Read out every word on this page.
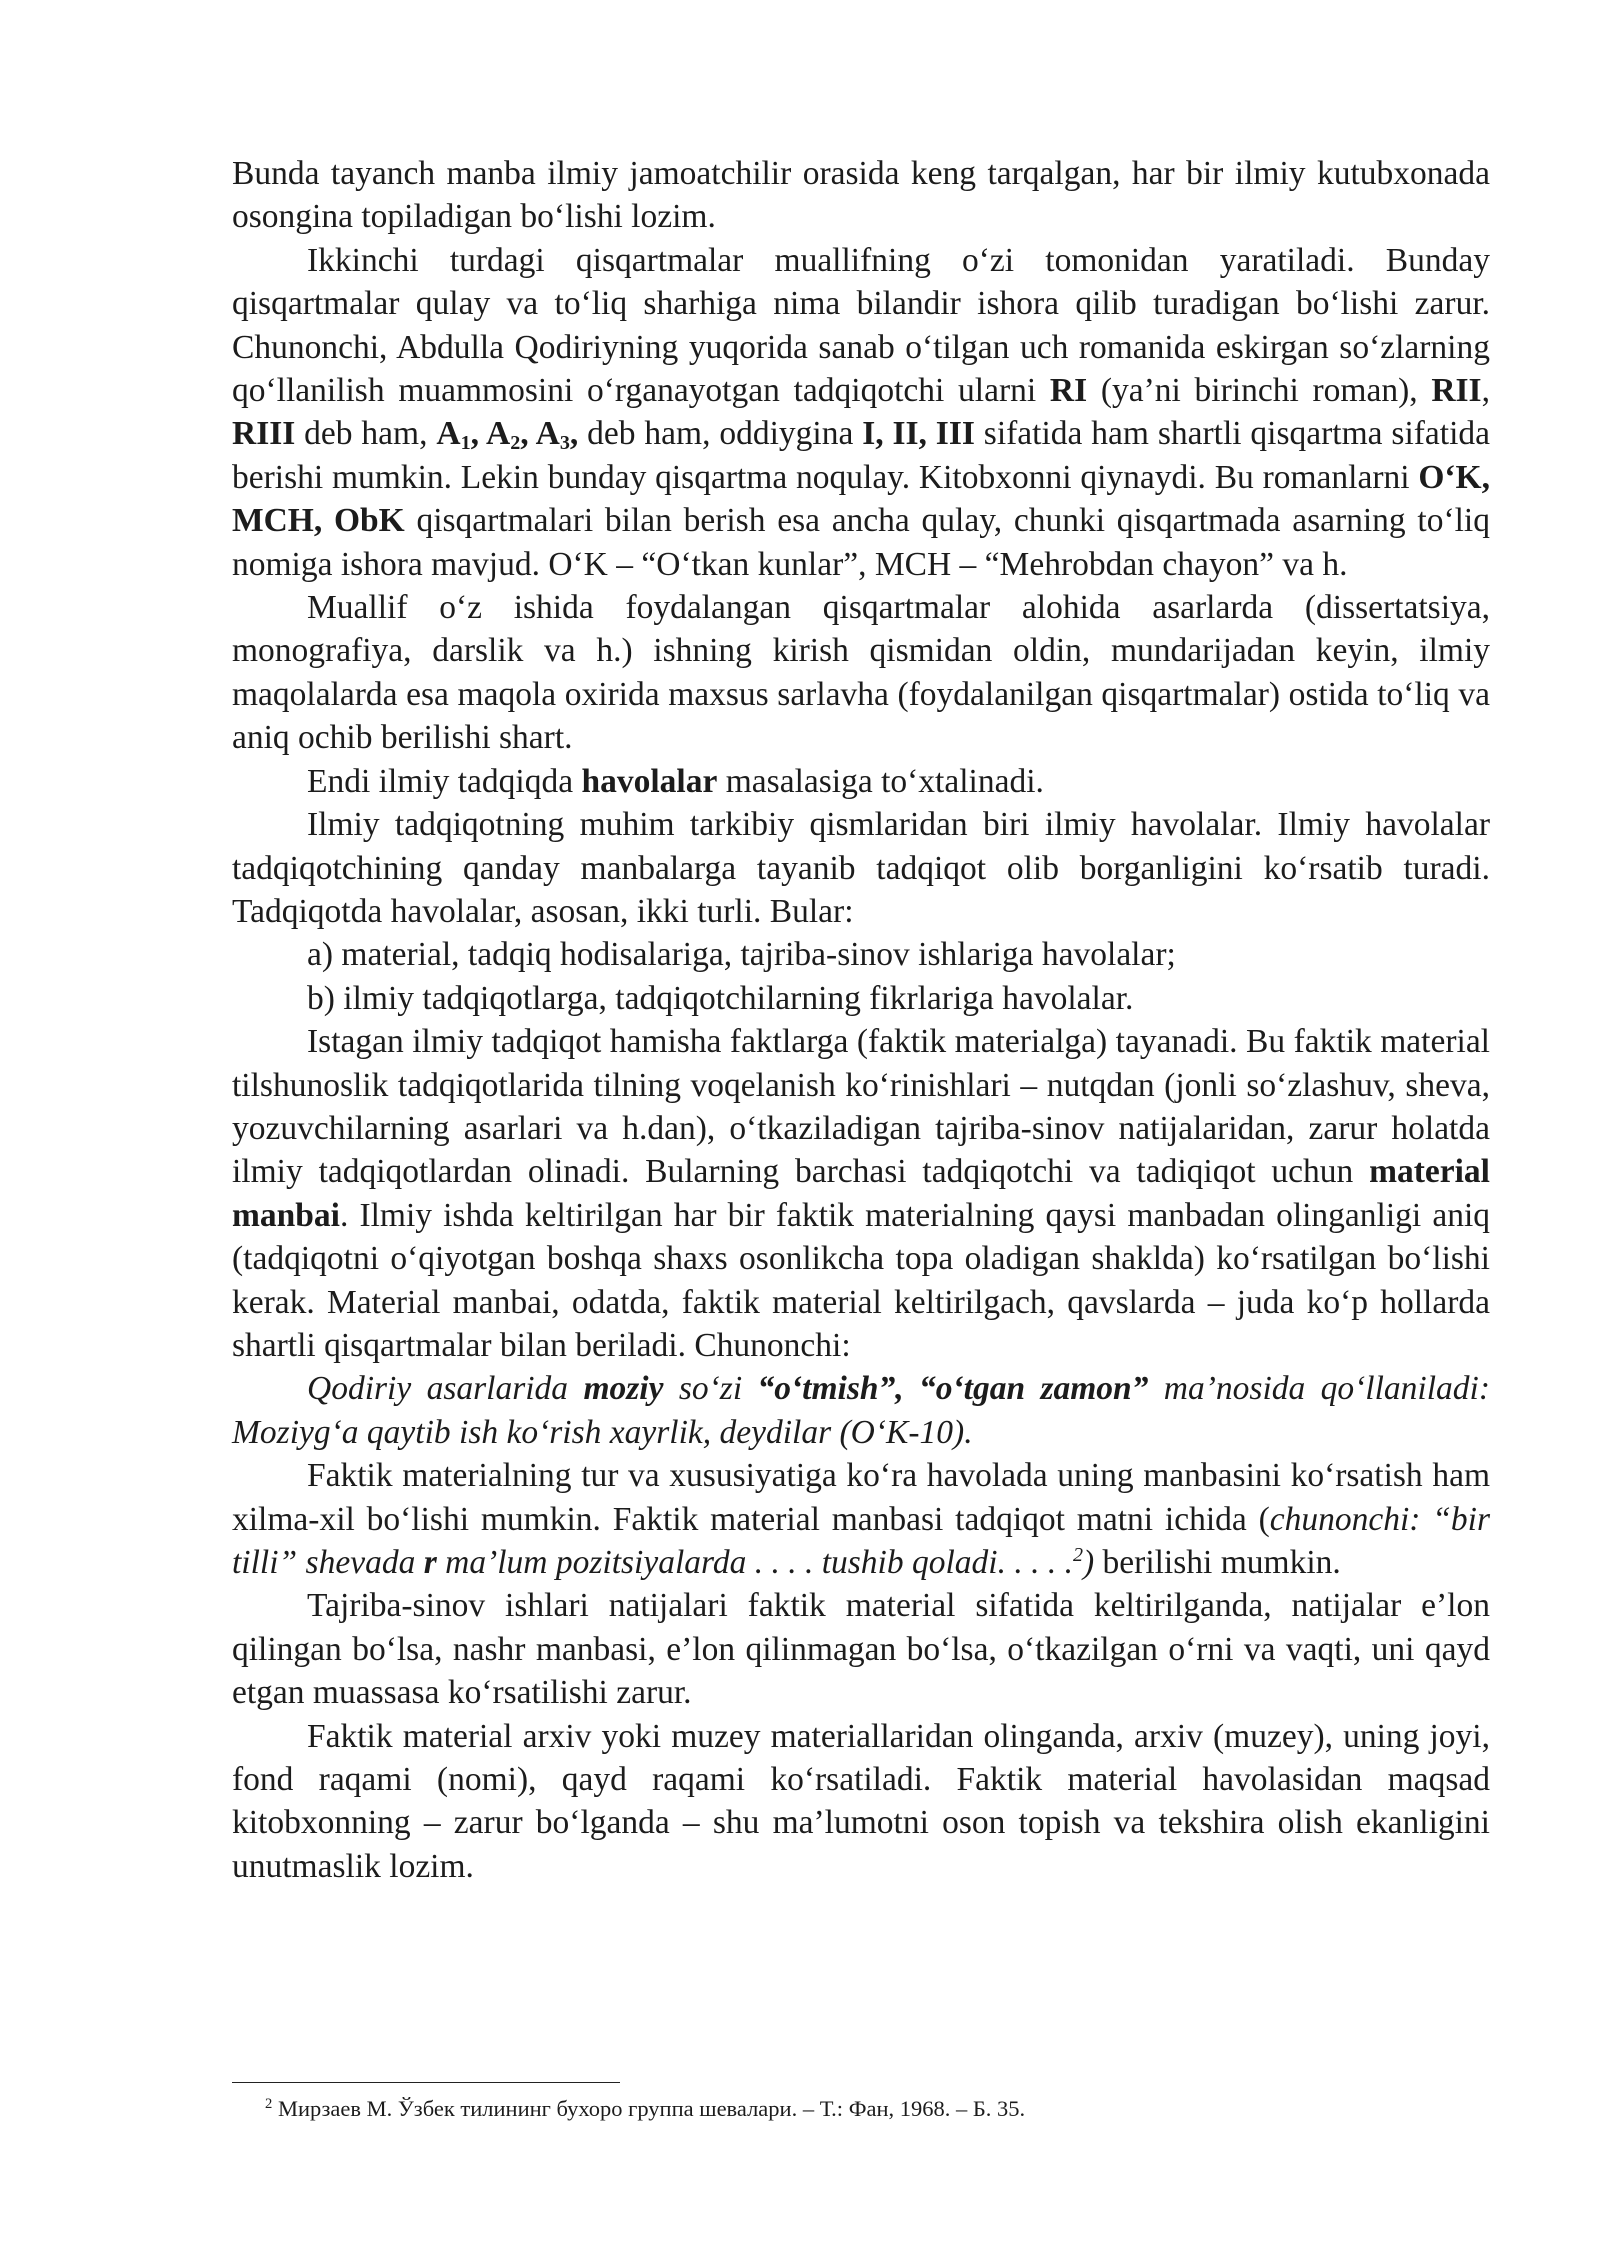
Bunda tayanch manba ilmiy jamoatchilir orasida keng tarqalgan, har bir ilmiy kutubxonada osongina topiladigan bo‘lishi lozim.

Ikkinchi turdagi qisqartmalar muallifning o‘zi tomonidan yaratiladi. Bunday qisqartmalar qulay va to‘liq sharhiga nima bilandir ishora qilib turadigan bo‘lishi zarur. Chunonchi, Abdulla Qodiriyning yuqorida sanab o‘tilgan uch romanida eskirgan so‘zlarning qo‘llanilish muammosini o‘rganayotgan tadqiqotchi ularni RI (ya’ni birinchi roman), RII, RIII deb ham, $A_1$, $A_2$, $A_3$, deb ham, oddiygina I, II, III sifatida ham shartli qisqartma sifatida berishi mumkin. Lekin bunday qisqartma noqulay. Kitobxonni qiynaydi. Bu romanlarni O‘K, MCH, ObK qisqartmalari bilan berish esa ancha qulay, chunki qisqartmada asarning to‘liq nomiga ishora mavjud. O‘K – “O‘tkan kunlar”, MCH – “Mehrobdan chayon” va h.

Muallif o‘z ishida foydalangan qisqartmalar alohida asarlarda (dissertatsiya, monografiya, darslik va h.) ishning kirish qismidan oldin, mundarijadan keyin, ilmiy maqolalarda esa maqola oxirida maxsus sarlavha (foydalanilgan qisqartmalar) ostida to‘liq va aniq ochib berilishi shart.

Endi ilmiy tadqiqda havolalar masalasiga to‘xtalinadi.

Ilmiy tadqiqotning muhim tarkibiy qismlaridan biri ilmiy havolalar. Ilmiy havolalar tadqiqotchining qanday manbalarga tayanib tadqiqot olib borganligini ko‘rsatib turadi. Tadqiqotda havolalar, asosan, ikki turli. Bular:

a) material, tadqiq hodisalariga, tajriba-sinov ishlariga havolalar;

b) ilmiy tadqiqotlarga, tadqiqotchilarning fikrlariga havolalar.

Istagan ilmiy tadqiqot hamisha faktlarga (faktik materialga) tayanadi. Bu faktik material tilshunoslik tadqiqotlarida tilning voqelanish ko‘rinishlari – nutqdan (jonli so‘zlashuv, sheva, yozuvchilarning asarlari va h.dan), o‘tkaziladigan tajriba-sinov natijalaridan, zarur holatda ilmiy tadqiqotlardan olinadi. Bularning barchasi tadqiqotchi va tadiqiqot uchun material manbai. Ilmiy ishda keltirilgan har bir faktik materialning qaysi manbadan olinganligi aniq (tadqiqotni o‘qiyotgan boshqa shaxs osonlikcha topa oladigan shaklda) ko‘rsatilgan bo‘lishi kerak. Material manbai, odatda, faktik material keltirilgach, qavslarda – juda ko‘p hollarda shartli qisqartmalar bilan beriladi. Chunonchi:

Qodiriy asarlarida moziy so‘zi “o‘tmish”, “o‘tgan zamon” ma’nosida qo‘llaniladi: Moziyg‘a qaytib ish ko‘rish xayrlik, deydilar (O‘K-10).

Faktik materialning tur va xususiyatiga ko‘ra havolada uning manbasini ko‘rsatish ham xilma-xil bo‘lishi mumkin. Faktik material manbasi tadqiqot matni ichida (chunonchi: “bir tilli” shevada r ma’lum pozitsiyalarda . . . . tushib qoladi. . . . .$^2$) berilishi mumkin.

Tajriba-sinov ishlari natijalari faktik material sifatida keltirilganda, natijalar e’lon qilingan bo‘lsa, nashr manbasi, e’lon qilinmagan bo‘lsa, o‘tkazilgan o‘rni va vaqti, uni qayd etgan muassasa ko‘rsatilishi zarur.

Faktik material arxiv yoki muzey materiallaridan olinganda, arxiv (muzey), uning joyi, fond raqami (nomi), qayd raqami ko‘rsatiladi. Faktik material havolasidan maqsad kitobxonning – zarur bo‘lganda – shu ma’lumotni oson topish va tekshira olish ekanligini unutmaslik lozim.

$^2$ Мирзаев М. Ўзбек тилининг бухоро группа шевалари. – Т.: Фан, 1968. – Б. 35.
